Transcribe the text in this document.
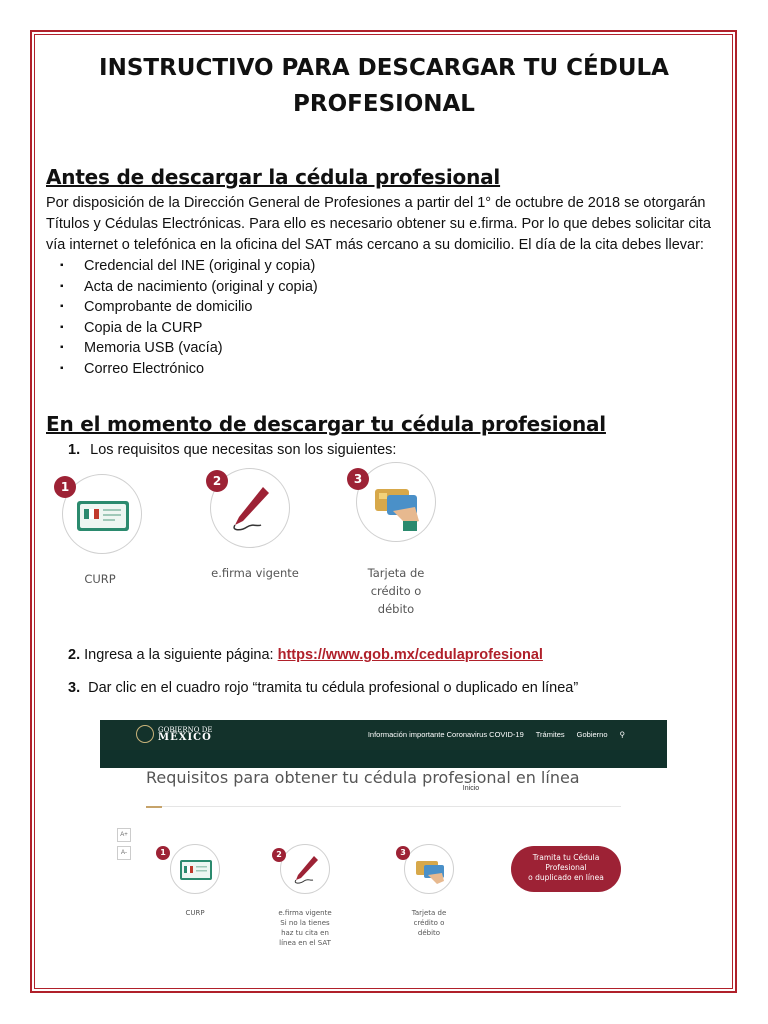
INSTRUCTIVO PARA DESCARGAR TU CÉDULA PROFESIONAL
Antes de descargar la cédula profesional
Por disposición de la Dirección General de Profesiones a partir del 1° de octubre de 2018 se otorgarán Títulos y Cédulas Electrónicas. Para ello es necesario obtener su e.firma. Por lo que debes solicitar cita vía internet o telefónica en la oficina del SAT más cercano a su domicilio. El día de la cita debes llevar:
▪ Credencial del INE (original y copia)
▪ Acta de nacimiento (original y copia)
▪ Comprobante de domicilio
▪ Copia de la CURP
▪ Memoria USB (vacía)
▪ Correo Electrónico
En el momento de descargar tu cédula profesional
1. Los requisitos que necesitas son los siguientes:
1
CURP
2
e.firma vigente
3
Tarjeta de
crédito o
débito
2. Ingresa a la siguiente página: https://www.gob.mx/cedulaprofesional
3. Dar clic en el cuadro rojo “tramita tu cédula profesional o duplicado en línea”
GOBIERNO DE
MÉXICO	Información importante Coronavirus COVID-19 Trámites Gobierno ⚲
Inicio	Solicita tu cédula Atención a Instituciones
Requisitos para obtener tu cédula profesional en línea
A+
A-	1
CURP
2
e.firma vigente
Si no la tienes
haz tu cita en
línea en el SAT
3
Tarjeta de
crédito o
débito
Tramita tu Cédula
Profesional
o duplicado en línea
